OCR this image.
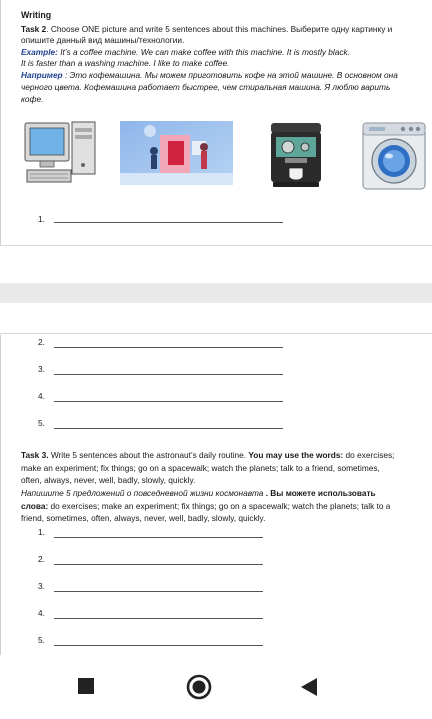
Writing
Task 2. Choose ONE picture and write 5 sentences about this machines. Выберите одну картинку и
опишите данный вид машины/технологии.
Example: It’s a coffee machine. We can make coffee with this machine. It is mostly black.
It is faster than a washing machine. I like to make coffee.
Например : Это кофемашина. Мы можем приготовить кофе на этой машине. В основном она
черного цвета. Кофемашина работает быстрее, чем стиральная машина. Я люблю варить
кофе.
1.
2.
3.
4.
5.
Task 3. Write 5 sentences about the astronaut’s daily routine. You may use the words: do exercises;
make an experiment; fix things; go on a spacewalk; watch the planets; talk to a friend, sometimes,
often, always, never, well, badly, slowly, quickly.
Напишите 5 предложений о повседневной жизни космонавта . Вы можете использовать
слова: do exercises; make an experiment; fix things; go on a spacewalk; watch the planets; talk to a
friend, sometimes, often, always, never, well, badly, slowly, quickly.
1.
2.
3.
4.
5.
